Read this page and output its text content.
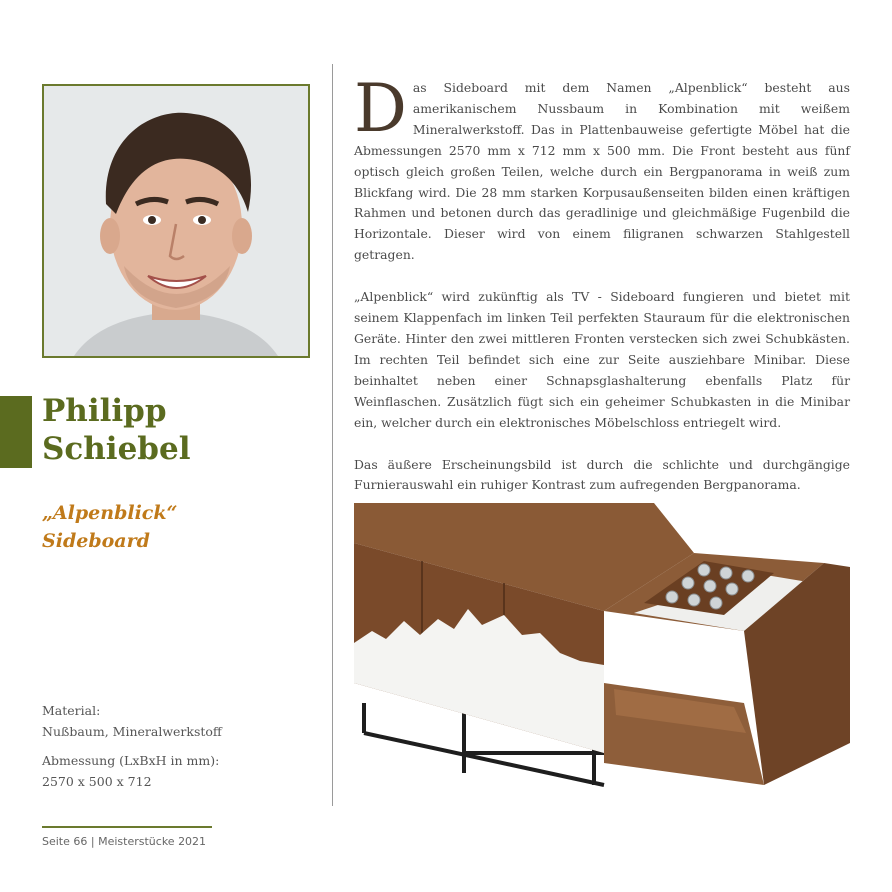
Philipp
Schiebel
„Alpenblick“
Sideboard

Material:

Nußbaum, Mineralwerkstoff

Abmessung (LxBxH in mm):

2570 x 500 x 712

Das Sideboard mit dem Namen „Alpenblick“ besteht aus amerikanischem Nussbaum in Kombination mit weißem Mineralwerkstoff. Das in Plattenbauweise gefertigte Möbel hat die Abmessungen 2570 mm x 712 mm x 500 mm. Die Front besteht aus fünf optisch gleich großen Teilen, welche durch ein Bergpanorama in weiß zum Blickfang wird. Die 28 mm starken Korpusaußenseiten bilden einen kräftigen Rahmen und betonen durch das geradlinige und gleichmäßige Fugenbild die Horizontale. Dieser wird von einem filigranen schwarzen Stahlgestell getragen.

„Alpenblick“ wird zukünftig als TV - Sideboard fungieren und bietet mit seinem Klappenfach im linken Teil perfekten Stauraum für die elektronischen Geräte. Hinter den zwei mittleren Fronten verstecken sich zwei Schubkästen. Im rechten Teil befindet sich eine zur Seite ausziehbare Minibar. Diese beinhaltet neben einer Schnapsglashalterung ebenfalls Platz für Weinflaschen. Zusätzlich fügt sich ein geheimer Schubkasten in die Minibar ein, welcher durch ein elektronisches Möbelschloss entriegelt wird.

Das äußere Erscheinungsbild ist durch die schlichte und durchgängige Furnierauswahl ein ruhiger Kontrast zum aufregenden Bergpanorama.

Seite 66 | Meisterstücke 2021
